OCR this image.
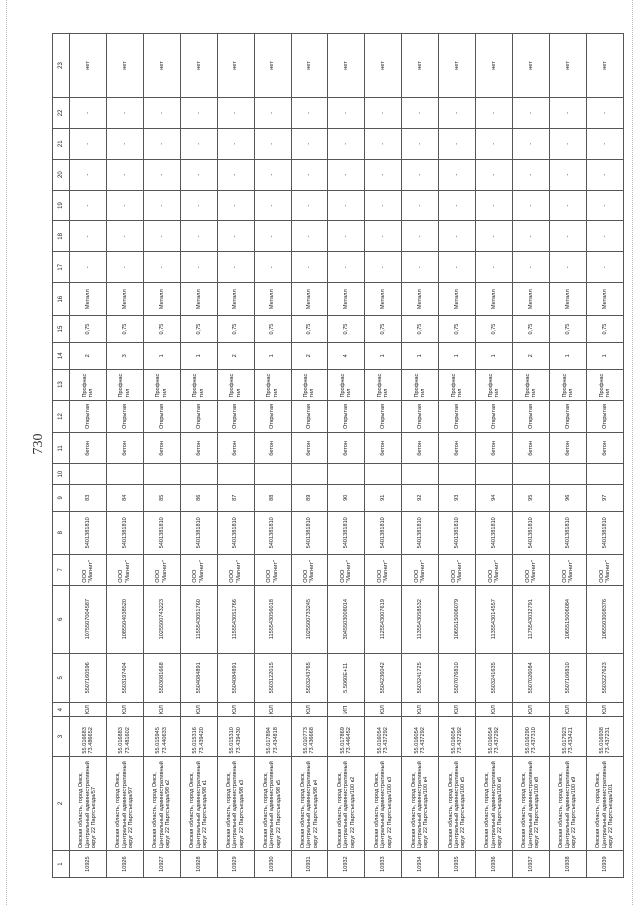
730
1	2	3	4	5	6	7	8	9	10	11	12	13	14	15	16	17	18	19	20	21	22	23
10925	Омская область, город Омск, Центральный административный округ 22 Партсъезда/57	55.016683
73.486652	ЮЛ	5507160596	1075507004587	ООО "Магнит"	5401381810	83		бетон	Открытая	Профнастил	2	0,75	Металл	-	-	-	-	-	-	нет
10926	Омская область, город Омск, Центральный административный округ 22 Партсъезда/97	55.016883
73.481602	ЮЛ	5503197404	1085504038520	ООО "Магнит"	5401381810	84		бетон	Открытая	Профнастил	3	0,75	Металл	-	-	-	-	-	-	нет
10927	Омская область, город Омск, Центральный административный округ 22 Партсъезда/98 к2	55.015945
73.440633	ЮЛ	5503081668	1025500743223	ООО "Магнит"	5401381810	85		бетон	Открытая	Профнастил	1	0,75	Металл	-	-	-	-	-	-	нет
10928	Омская область, город Омск, Центральный административный округ 22 Партсъезда/98 к1	55.015316
73.439420	ЮЛ	5504084891	1155543051760	ООО "Магнит"	5401381810	86		бетон	Открытая	Профнастил	1	0,75	Металл	-	-	-	-	-	-	нет
10929	Омская область, город Омск, Центральный административный округ 22 Партсъезда/98 к3	55.015310
73.439430	ЮЛ	5504084891	1155543051766	ООО "Магнит"	5401381810	87		бетон	Открытая	Профнастил	2	0,75	Металл	-	-	-	-	-	-	нет
10930	Омская область, город Омск, Центральный административный округ 22 Партсъезда/98 к5	55.017894
73.434818	ЮЛ	5503122015	1155543056018	ООО "Магнит"	5401381810	88		бетон	Открытая	Профнастил	1	0,75	Металл	-	-	-	-	-	-	нет
10931	Омская область, город Омск, Центральный административный округ 22 Партсъезда/98 к4	55.010773
73.436668	ЮЛ	5503243765	1025500733245	ООО "Магнит"	5401381810	89		бетон	Открытая	Профнастил	2	0,75	Металл	-	-	-	-	-	-	нет
10932	Омская область, город Омск, Центральный административный округ 22 Партсъезда/100 к2	55.017869
73.446452	ИП	5.5060E+11	3045503008014	ООО "Магнит"	5401381810	90		бетон	Открытая	Профнастил	4	0,75	Металл	-	-	-	-	-	-	нет
10933	Омская область, город Омск, Центральный административный округ 22 Партсъезда/100 к3	55.016054
73.437292	ЮЛ	5504236042	1125543007619	ООО "Магнит"	5401381810	91		бетон	Открытая	Профнастил	1	0,75	Металл	-	-	-	-	-	-	нет
10934	Омская область, город Омск, Центральный административный округ 22 Партсъезда/100 к4	55.016054
73.437292	ЮЛ	5503241725	1135543058532	ООО "Магнит"	5401381810	92		бетон	Открытая	Профнастил	1	0,75	Металл	-	-	-	-	-	-	нет
10935	Омская область, город Омск, Центральный административный округ 22 Партсъезда/100 к5	55.016054
73.437292	ЮЛ	5507076810	1065515006079	ООО "Магнит"	5401381810	93		бетон	Открытая	Профнастил	1	0,75	Металл	-	-	-	-	-	-	нет
10936	Омская область, город Омск, Центральный административный округ 22 Партсъезда/100 к6	55.016054
73.437292	ЮЛ	5503241635	1135543014557	ООО "Магнит"	5401381810	94		бетон	Открытая	Профнастил	1	0,75	Металл	-	-	-	-	-	-	нет
10937	Омская область, город Омск, Центральный административный округ 22 Партсъезда/100 к8	55.016290
73.437310	ЮЛ	5507026084	1175543032791	ООО "Магнит"	5401381810	95		бетон	Открытая	Профнастил	2	0,75	Металл	-	-	-	-	-	-	нет
10938	Омская область, город Омск, Центральный административный округ 22 Партсъезда/100 к9	55.017923
73.433421	ЮЛ	5507106810	1065515006084	ООО "Магнит"	5401381810	96		бетон	Открытая	Профнастил	1	0,75	Металл	-	-	-	-	-	-	нет
10939	Омская область, город Омск, Центральный административный округ 22 Партсъезда/101	55.016938
73.437231	ЮЛ	5503227623	1065503008376	ООО "Магнит"	5401381810	97		бетон	Открытая	Профнастил	1	0,75	Металл	-	-	-	-	-	-	нет
